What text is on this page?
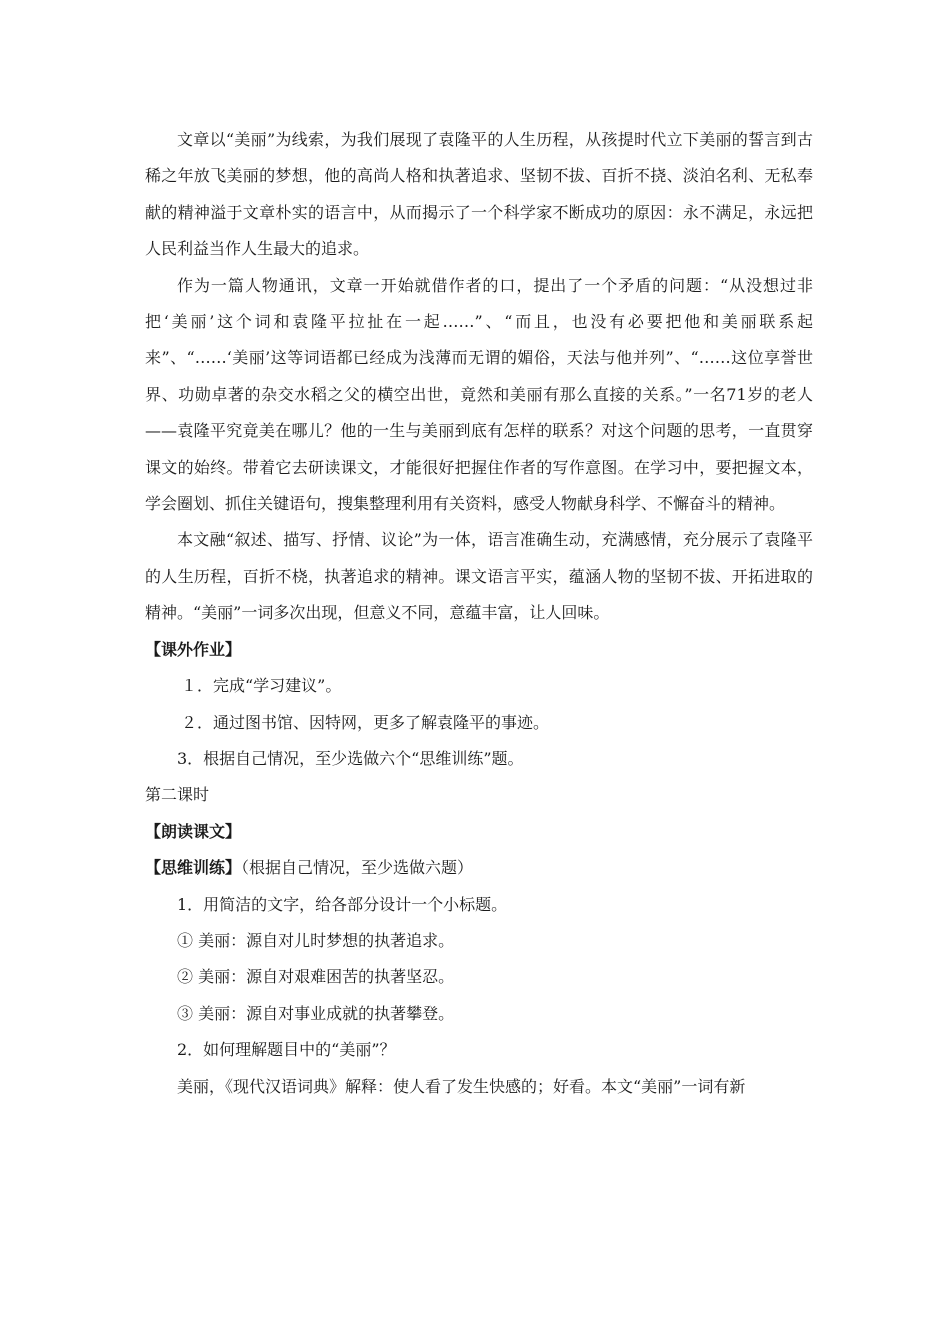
文章以“美丽”为线索，为我们展现了袁隆平的人生历程，从孩提时代立下美丽的誓言到古稀之年放飞美丽的梦想，他的高尚人格和执著追求、坚韧不拔、百折不挠、淡泊名利、无私奉献的精神溢于文章朴实的语言中，从而揭示了一个科学家不断成功的原因：永不满足，永远把人民利益当作人生最大的追求。

作为一篇人物通讯，文章一开始就借作者的口，提出了一个矛盾的问题：“从没想过非把‘美丽’这个词和袁隆平拉扯在一起……”、“而且，也没有必要把他和美丽联系起来”、“……‘美丽’这等词语都已经成为浅薄而无谓的媚俗，天法与他并列”、“……这位享誉世界、功勋卓著的杂交水稻之父的横空出世，竟然和美丽有那么直接的关系。”一名71岁的老人——袁隆平究竟美在哪儿？他的一生与美丽到底有怎样的联系？对这个问题的思考，一直贯穿课文的始终。带着它去研读课文，才能很好把握住作者的写作意图。在学习中，要把握文本，学会圈划、抓住关键语句，搜集整理利用有关资料，感受人物献身科学、不懈奋斗的精神。

本文融“叙述、描写、抒情、议论”为一体，语言准确生动，充满感情，充分展示了袁隆平的人生历程，百折不桡，执著追求的精神。课文语言平实，蕴涵人物的坚韧不拔、开拓进取的精神。“美丽”一词多次出现，但意义不同，意蕴丰富，让人回味。

【课外作业】

１．完成“学习建议”。

２．通过图书馆、因特网，更多了解袁隆平的事迹。

3．根据自己情况，至少选做六个“思维训练”题。

第二课时

【朗读课文】

【思维训练】（根据自己情况，至少选做六题）

1．用简洁的文字，给各部分设计一个小标题。

① 美丽：源自对儿时梦想的执著追求。

② 美丽：源自对艰难困苦的执著坚忍。

③ 美丽：源自对事业成就的执著攀登。

2．如何理解题目中的“美丽”？

美丽，《现代汉语词典》解释：使人看了发生快感的；好看。本文“美丽”一词有新
